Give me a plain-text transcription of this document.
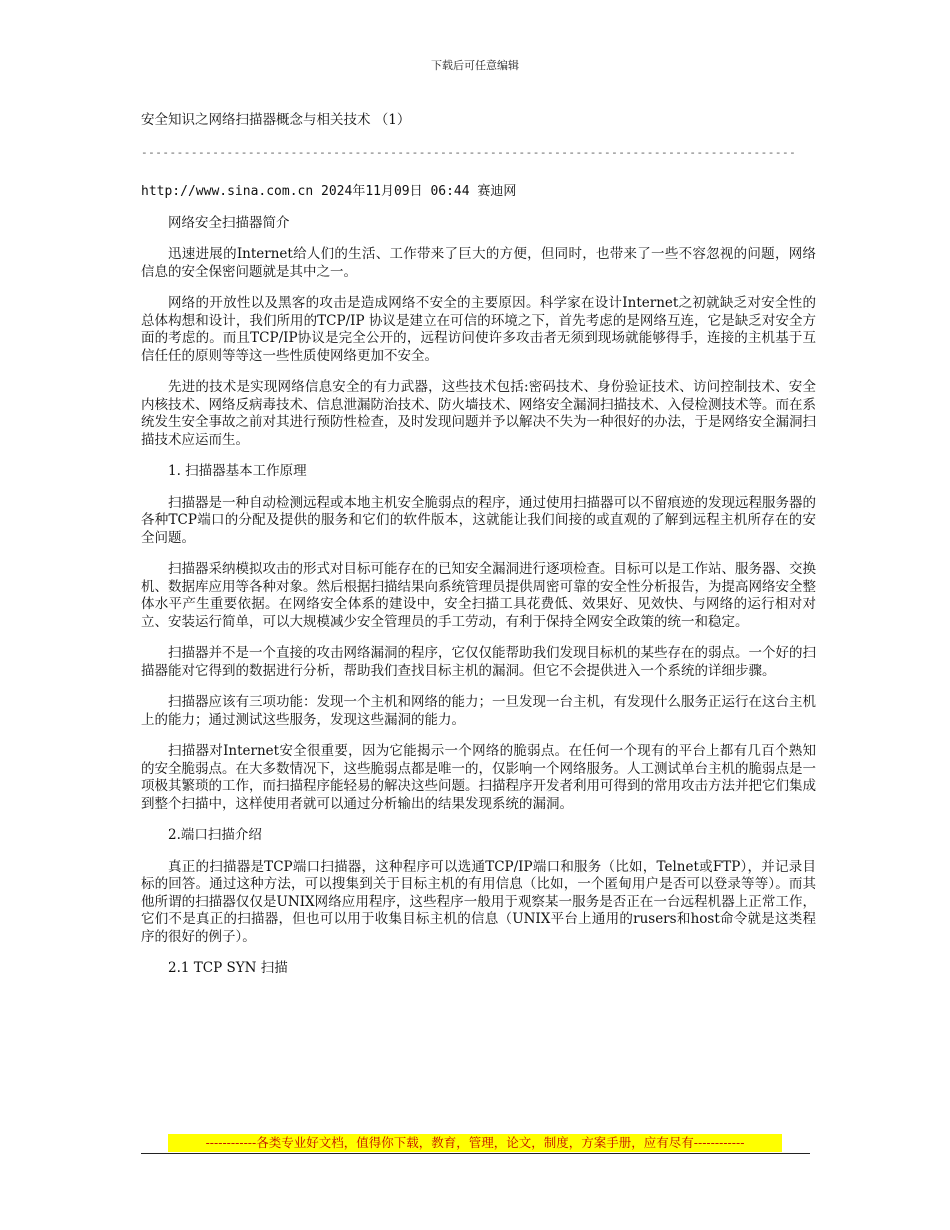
下载后可任意编辑
安全知识之网络扫描器概念与相关技术 （1）
--------------------------------------------------------------------------------------------
http://www.sina.com.cn 2024年11月09日 06:44 赛迪网
网络安全扫描器简介
迅速进展的Internet给人们的生活、工作带来了巨大的方便，但同时，也带来了一些不容忽视的问题，网络信息的安全保密问题就是其中之一。
网络的开放性以及黑客的攻击是造成网络不安全的主要原因。科学家在设计Internet之初就缺乏对安全性的总体构想和设计，我们所用的TCP/IP 协议是建立在可信的环境之下，首先考虑的是网络互连，它是缺乏对安全方面的考虑的。而且TCP/IP协议是完全公开的，远程访问使许多攻击者无须到现场就能够得手，连接的主机基于互信任任的原则等等这一些性质使网络更加不安全。
先进的技术是实现网络信息安全的有力武器，这些技术包括:密码技术、身份验证技术、访问控制技术、安全内核技术、网络反病毒技术、信息泄漏防治技术、防火墙技术、网络安全漏洞扫描技术、入侵检测技术等。而在系统发生安全事故之前对其进行预防性检查，及时发现问题并予以解决不失为一种很好的办法，于是网络安全漏洞扫描技术应运而生。
1. 扫描器基本工作原理
扫描器是一种自动检测远程或本地主机安全脆弱点的程序，通过使用扫描器可以不留痕迹的发现远程服务器的各种TCP端口的分配及提供的服务和它们的软件版本，这就能让我们间接的或直观的了解到远程主机所存在的安全问题。
扫描器采纳模拟攻击的形式对目标可能存在的已知安全漏洞进行逐项检查。目标可以是工作站、服务器、交换机、数据库应用等各种对象。然后根据扫描结果向系统管理员提供周密可靠的安全性分析报告，为提高网络安全整体水平产生重要依据。在网络安全体系的建设中，安全扫描工具花费低、效果好、见效快、与网络的运行相对对立、安装运行简单，可以大规模减少安全管理员的手工劳动，有利于保持全网安全政策的统一和稳定。
扫描器并不是一个直接的攻击网络漏洞的程序，它仅仅能帮助我们发现目标机的某些存在的弱点。一个好的扫描器能对它得到的数据进行分析，帮助我们查找目标主机的漏洞。但它不会提供进入一个系统的详细步骤。
扫描器应该有三项功能：发现一个主机和网络的能力；一旦发现一台主机，有发现什么服务正运行在这台主机上的能力；通过测试这些服务，发现这些漏洞的能力。
扫描器对Internet安全很重要，因为它能揭示一个网络的脆弱点。在任何一个现有的平台上都有几百个熟知的安全脆弱点。在大多数情况下，这些脆弱点都是唯一的，仅影响一个网络服务。人工测试单台主机的脆弱点是一项极其繁琐的工作，而扫描程序能轻易的解决这些问题。扫描程序开发者利用可得到的常用攻击方法并把它们集成到整个扫描中，这样使用者就可以通过分析输出的结果发现系统的漏洞。
2.端口扫描介绍
真正的扫描器是TCP端口扫描器，这种程序可以选通TCP/IP端口和服务（比如，Telnet或FTP），并记录目标的回答。通过这种方法，可以搜集到关于目标主机的有用信息（比如，一个匿甸用户是否可以登录等等）。而其他所谓的扫描器仅仅是UNIX网络应用程序，这些程序一般用于观察某一服务是否正在一台远程机器上正常工作，它们不是真正的扫描器，但也可以用于收集目标主机的信息（UNIX平台上通用的rusers和host命令就是这类程序的很好的例子）。
2.1 TCP SYN 扫描
------------各类专业好文档，值得你下载，教育，管理，论文，制度，方案手册，应有尽有------------
